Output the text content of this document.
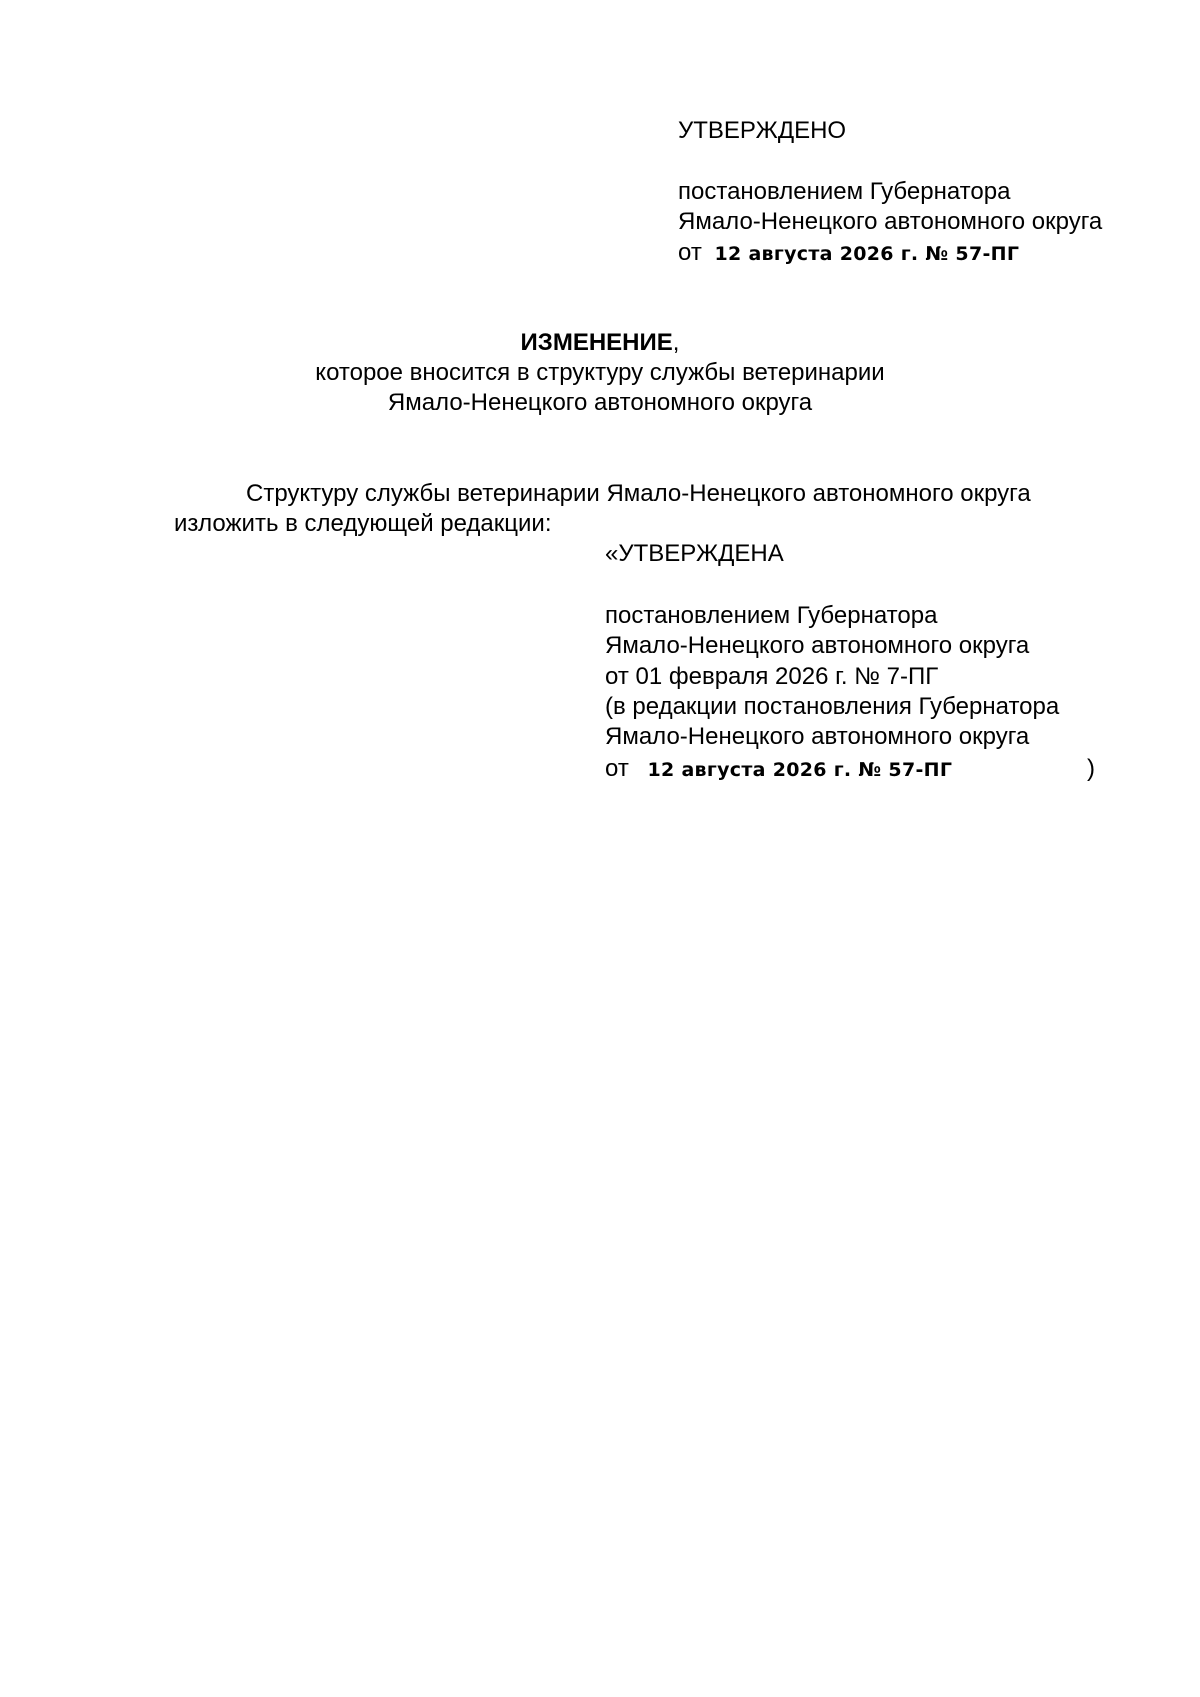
УТВЕРЖДЕНО
постановлением Губернатора
Ямало-Ненецкого автономного округа
от 12 августа 2026 г. № 57-ПГ
ИЗМЕНЕНИЕ,
которое вносится в структуру службы ветеринарии
Ямало-Ненецкого автономного округа
Структуру службы ветеринарии Ямало-Ненецкого автономного округа
изложить в следующей редакции:
«УТВЕРЖДЕНА
постановлением Губернатора
Ямало-Ненецкого автономного округа
от 01 февраля 2026 г. № 7-ПГ
(в редакции постановления Губернатора
Ямало-Ненецкого автономного округа
от 12 августа 2026 г. № 57-ПГ	)
